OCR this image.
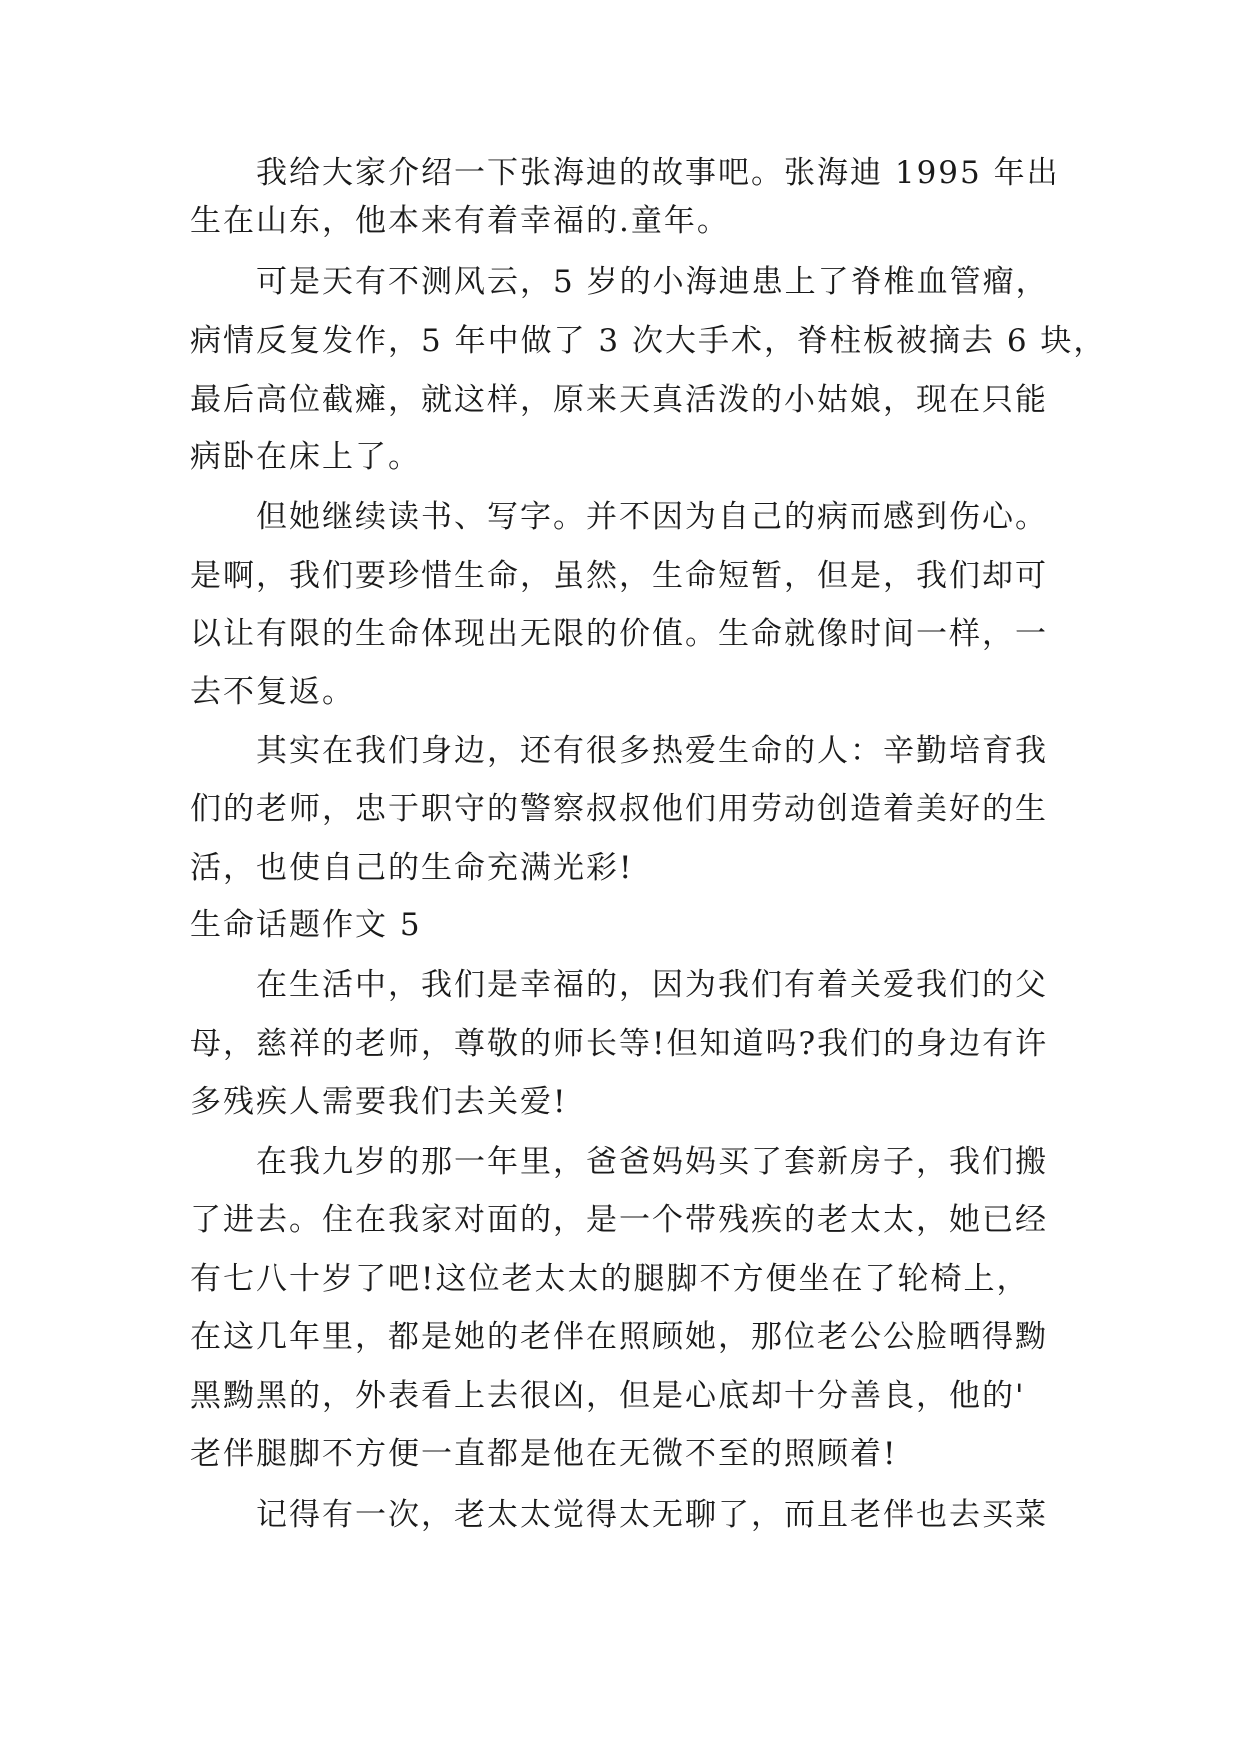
我给大家介绍一下张海迪的故事吧。张海迪 1995 年出
生在山东，他本来有着幸福的.童年。
可是天有不测风云，5 岁的小海迪患上了脊椎血管瘤，
病情反复发作，5 年中做了 3 次大手术，脊柱板被摘去 6 块，
最后高位截瘫，就这样，原来天真活泼的小姑娘，现在只能
病卧在床上了。
但她继续读书、写字。并不因为自己的病而感到伤心。
是啊，我们要珍惜生命，虽然，生命短暂，但是，我们却可
以让有限的生命体现出无限的价值。生命就像时间一样，一
去不复返。
其实在我们身边，还有很多热爱生命的人：辛勤培育我
们的老师，忠于职守的警察叔叔他们用劳动创造着美好的生
活，也使自己的生命充满光彩!
生命话题作文 5
在生活中，我们是幸福的，因为我们有着关爱我们的父
母，慈祥的老师，尊敬的师长等!但知道吗?我们的身边有许
多残疾人需要我们去关爱!
在我九岁的那一年里，爸爸妈妈买了套新房子，我们搬
了进去。住在我家对面的，是一个带残疾的老太太，她已经
有七八十岁了吧!这位老太太的腿脚不方便坐在了轮椅上，
在这几年里，都是她的老伴在照顾她，那位老公公脸晒得黝
黑黝黑的，外表看上去很凶，但是心底却十分善良，他的'
老伴腿脚不方便一直都是他在无微不至的照顾着!
记得有一次，老太太觉得太无聊了，而且老伴也去买菜
